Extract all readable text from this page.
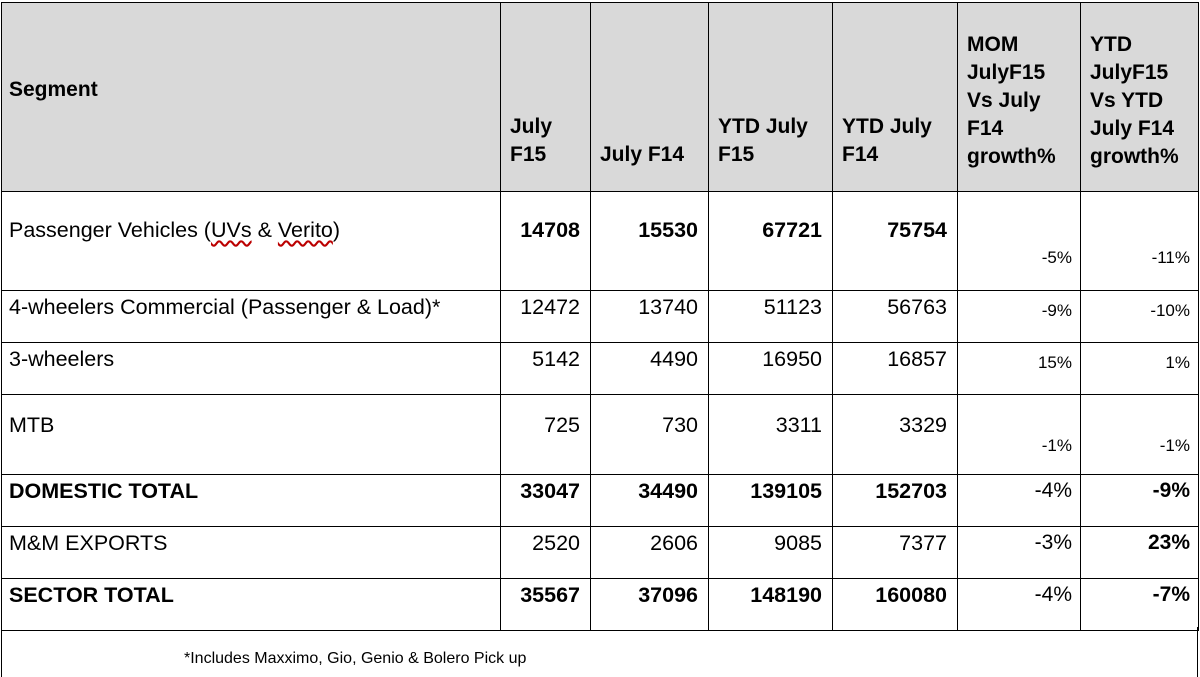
Segment	July F15	July F14	YTD July F15	YTD July F14	MOM JulyF15 Vs July F14 growth%	YTD JulyF15 Vs YTD July F14 growth%

Passenger Vehicles (UVs & Verito)	14708	15530	67721	75754	-5%	-11%
4-wheelers Commercial (Passenger & Load)*	12472	13740	51123	56763	-9%	-10%
3-wheelers	5142	4490	16950	16857	15%	1%
MTB	725	730	3311	3329	-1%	-1%
DOMESTIC TOTAL	33047	34490	139105	152703	-4%	-9%
M&M EXPORTS	2520	2606	9085	7377	-3%	23%
SECTOR TOTAL	35567	37096	148190	160080	-4%	-7%
*Includes Maxximo, Gio, Genio & Bolero Pick up
